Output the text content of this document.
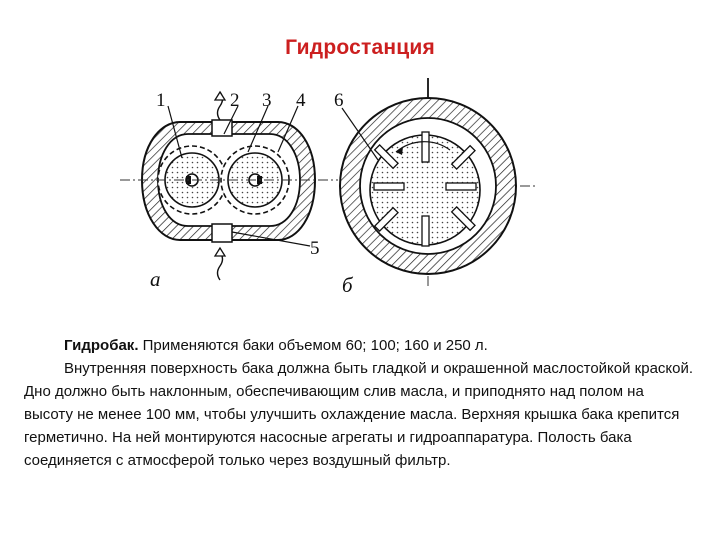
Гидростанция
1	2 3 4
5
а
6
б

Гидробак. Применяются баки объемом 60; 100; 160 и 250 л.

Внутренняя поверхность бака должна быть гладкой и окрашенной маслостойкой краской. Дно должно быть наклонным, обеспечивающим слив масла, и приподнято над полом на высоту не менее 100 мм, чтобы улучшить охлаждение масла. Верхняя крышка бака крепится герметично. На ней монтируются насосные агрегаты и гидроаппаратура. Полость бака соединяется с атмосферой только через воздушный фильтр.
